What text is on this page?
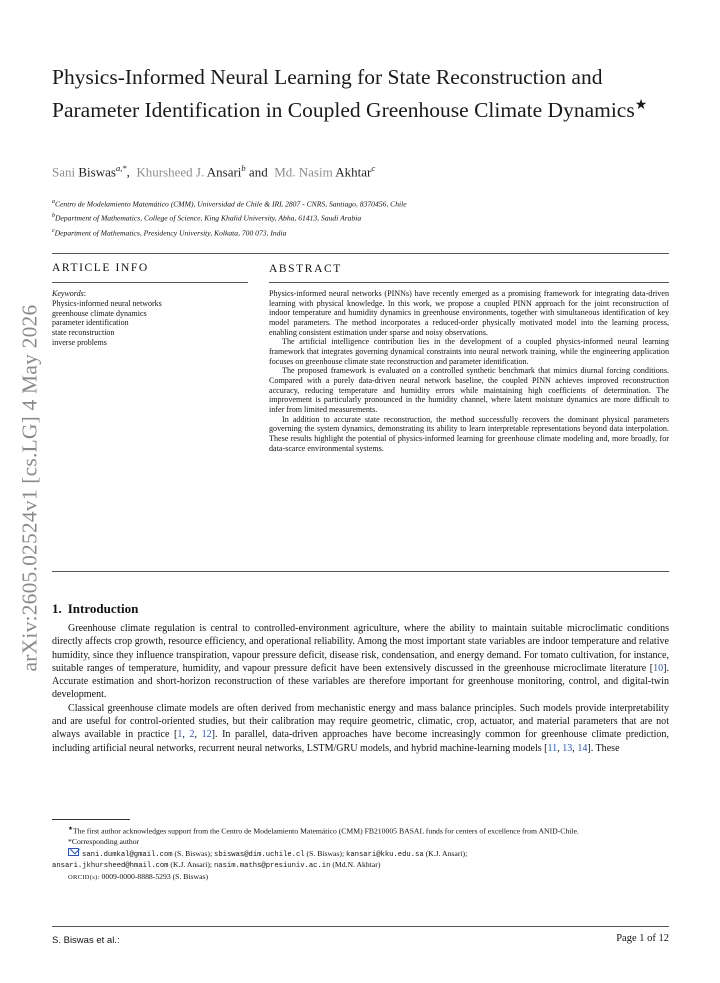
arXiv:2605.02524v1 [cs.LG] 4 May 2026
Physics-Informed Neural Learning for State Reconstruction and Parameter Identification in Coupled Greenhouse Climate Dynamics★
Sani Biswas$^{a,*}$, Khursheed J. Ansari$^b$ and Md. Nasim Akhtar$^c$
$^a$Centro de Modelamiento Matemático (CMM), Universidad de Chile & IRL 2807 - CNRS, Santiago, 8370456, Chile
$^b$Department of Mathematics, College of Science, King Khalid University, Abha, 61413, Saudi Arabia
$^c$Department of Mathematics, Presidency University, Kolkata, 700 073, India
ARTICLE INFO	ABSTRACT
Keywords:
Physics-informed neural networks
greenhouse climate dynamics
parameter identification
state reconstruction
inverse problems

Physics-informed neural networks (PINNs) have recently emerged as a promising framework for integrating data-driven learning with physical knowledge. In this work, we propose a coupled PINN approach for the joint reconstruction of indoor temperature and humidity dynamics in greenhouse environments, together with simultaneous identification of key model parameters. The method incorporates a reduced-order physically motivated model into the learning process, enabling consistent estimation under sparse and noisy observations.

The artificial intelligence contribution lies in the development of a coupled physics-informed neural learning framework that integrates governing dynamical constraints into neural network training, while the engineering application focuses on greenhouse climate state reconstruction and parameter identification.

The proposed framework is evaluated on a controlled synthetic benchmark that mimics diurnal forcing conditions. Compared with a purely data-driven neural network baseline, the coupled PINN achieves improved reconstruction accuracy, reducing temperature and humidity errors while maintaining high coefficients of determination. The improvement is particularly pronounced in the humidity channel, where latent moisture dynamics are more difficult to infer from limited measurements.

In addition to accurate state reconstruction, the method successfully recovers the dominant physical parameters governing the system dynamics, demonstrating its ability to learn interpretable representations beyond data interpolation. These results highlight the potential of physics-informed learning for greenhouse climate modeling and, more broadly, for data-scarce environmental systems.

1. Introduction

Greenhouse climate regulation is central to controlled-environment agriculture, where the ability to maintain suitable microclimatic conditions directly affects crop growth, resource efficiency, and operational reliability. Among the most important state variables are indoor temperature and relative humidity, since they influence transpiration, vapour pressure deficit, disease risk, condensation, and energy demand. For tomato cultivation, for instance, suitable ranges of temperature, humidity, and vapour pressure deficit have been extensively discussed in the greenhouse microclimate literature [10]. Accurate estimation and short-horizon reconstruction of these variables are therefore important for greenhouse monitoring, control, and digital-twin development.

Classical greenhouse climate models are often derived from mechanistic energy and mass balance principles. Such models provide interpretability and are useful for control-oriented studies, but their calibration may require geometric, climatic, crop, actuator, and material parameters that are not always available in practice [1, 2, 12]. In parallel, data-driven approaches have become increasingly common for greenhouse climate prediction, including artificial neural networks, recurrent neural networks, LSTM/GRU models, and hybrid machine-learning models [11, 13, 14]. These

★The first author acknowledges support from the Centro de Modelamiento Matemático (CMM) FB210005 BASAL funds for centers of excellence from ANID-Chile.
*Corresponding author
sani.dumkal@gmail.com (S. Biswas); sbiswas@dim.uchile.cl (S. Biswas); kansari@kku.edu.sa (K.J. Ansari);
ansari.jkhursheed@hmail.com (K.J. Ansari); nasim.maths@presiuniv.ac.in (Md.N. Akhtar)
ORCID(s): 0009-0000-8888-5293 (S. Biswas)
S. Biswas et al.:	Page 1 of 12
